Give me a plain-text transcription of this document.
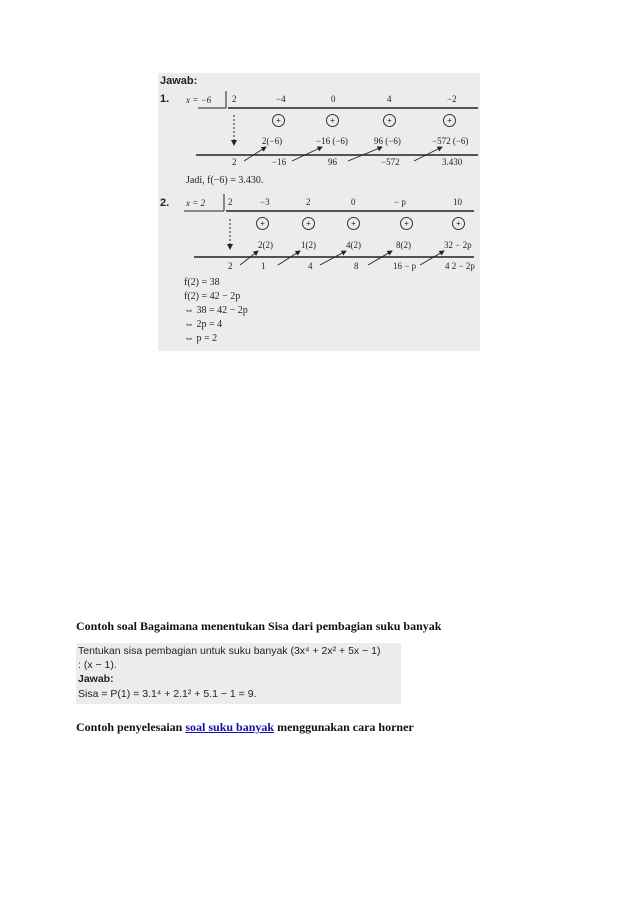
Jawab:
1. x = −6 2	−4	0	4	−2
+	+	+	+
2(−6)	−16 (−6)	96 (−6)	−572 (−6)
2	−16	96	−572	3.430
Jadi, f(−6) = 3.430.
2. x = 2	2	−3	2	0	− p	10
+	+	+	+	+
2(2)	1(2)	4(2)	8(2)	32 − 2p
2	1	4	8	16 − p	4 2 − 2p
f(2) = 38
f(2) = 42 − 2p
⇔ 38 = 42 − 2p
⇔ 2p = 4
⇔ p = 2
Contoh soal Bagaimana menentukan Sisa dari pembagian suku banyak
Tentukan sisa pembagian untuk suku banyak (3x⁴ + 2x² + 5x − 1)
: (x − 1).
Jawab:
Sisa = P(1) = 3.1⁴ + 2.1² + 5.1 − 1 = 9.
Contoh penyelesaian soal suku banyak menggunakan cara horner
